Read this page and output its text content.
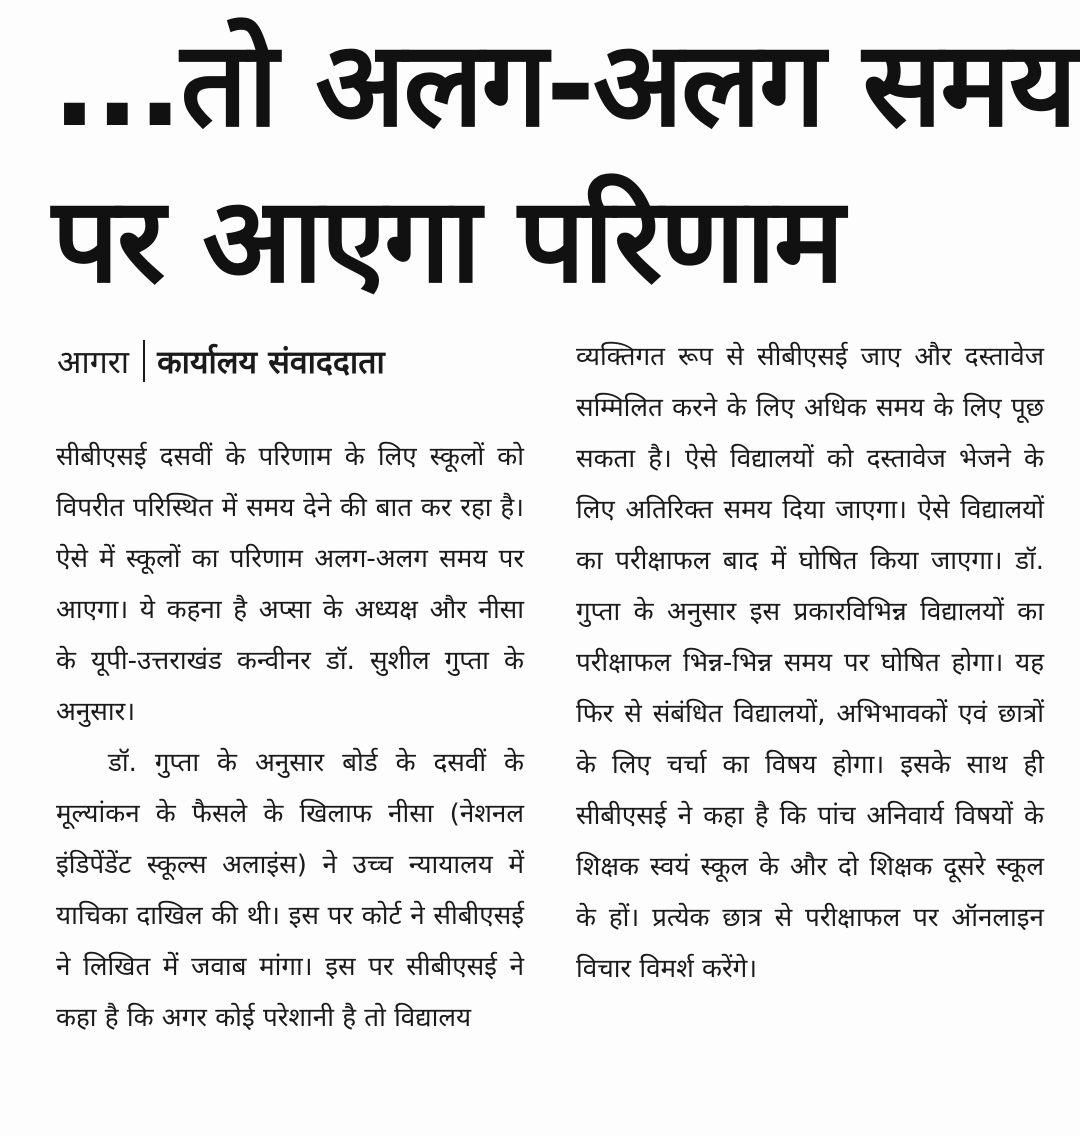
...तो अलग-अलग समय
पर आएगा परिणाम
आगरा कार्यालय संवाददाता

सीबीएसई दसवीं के परिणाम के लिए स्कूलों को विपरीत परिस्थित में समय देने की बात कर रहा है। ऐसे में स्कूलों का परिणाम अलग-अलग समय पर आएगा। ये कहना है अप्सा के अध्यक्ष और नीसा के यूपी-उत्तराखंड कन्वीनर डॉ. सुशील गुप्ता के अनुसार।

डॉ. गुप्ता के अनुसार बोर्ड के दसवीं के मूल्यांकन के फैसले के खिलाफ नीसा (नेशनल इंडिपेंडेंट स्कूल्स अलाइंस) ने उच्च न्यायालय में याचिका दाखिल की थी। इस पर कोर्ट ने सीबीएसई ने लिखित में जवाब मांगा। इस पर सीबीएसई ने कहा है कि अगर कोई परेशानी है तो विद्यालय

व्यक्तिगत रूप से सीबीएसई जाए और दस्तावेज सम्मिलित करने के लिए अधिक समय के लिए पूछ सकता है। ऐसे विद्यालयों को दस्तावेज भेजने के लिए अतिरिक्त समय दिया जाएगा। ऐसे विद्यालयों का परीक्षाफल बाद में घोषित किया जाएगा। डॉ. गुप्ता के अनुसार इस प्रकारविभिन्न विद्यालयों का परीक्षाफल भिन्न-भिन्न समय पर घोषित होगा। यह फिर से संबंधित विद्यालयों, अभिभावकों एवं छात्रों के लिए चर्चा का विषय होगा। इसके साथ ही सीबीएसई ने कहा है कि पांच अनिवार्य विषयों के शिक्षक स्वयं स्कूल के और दो शिक्षक दूसरे स्कूल के हों। प्रत्येक छात्र से परीक्षाफल पर ऑनलाइन विचार विमर्श करेंगे।
